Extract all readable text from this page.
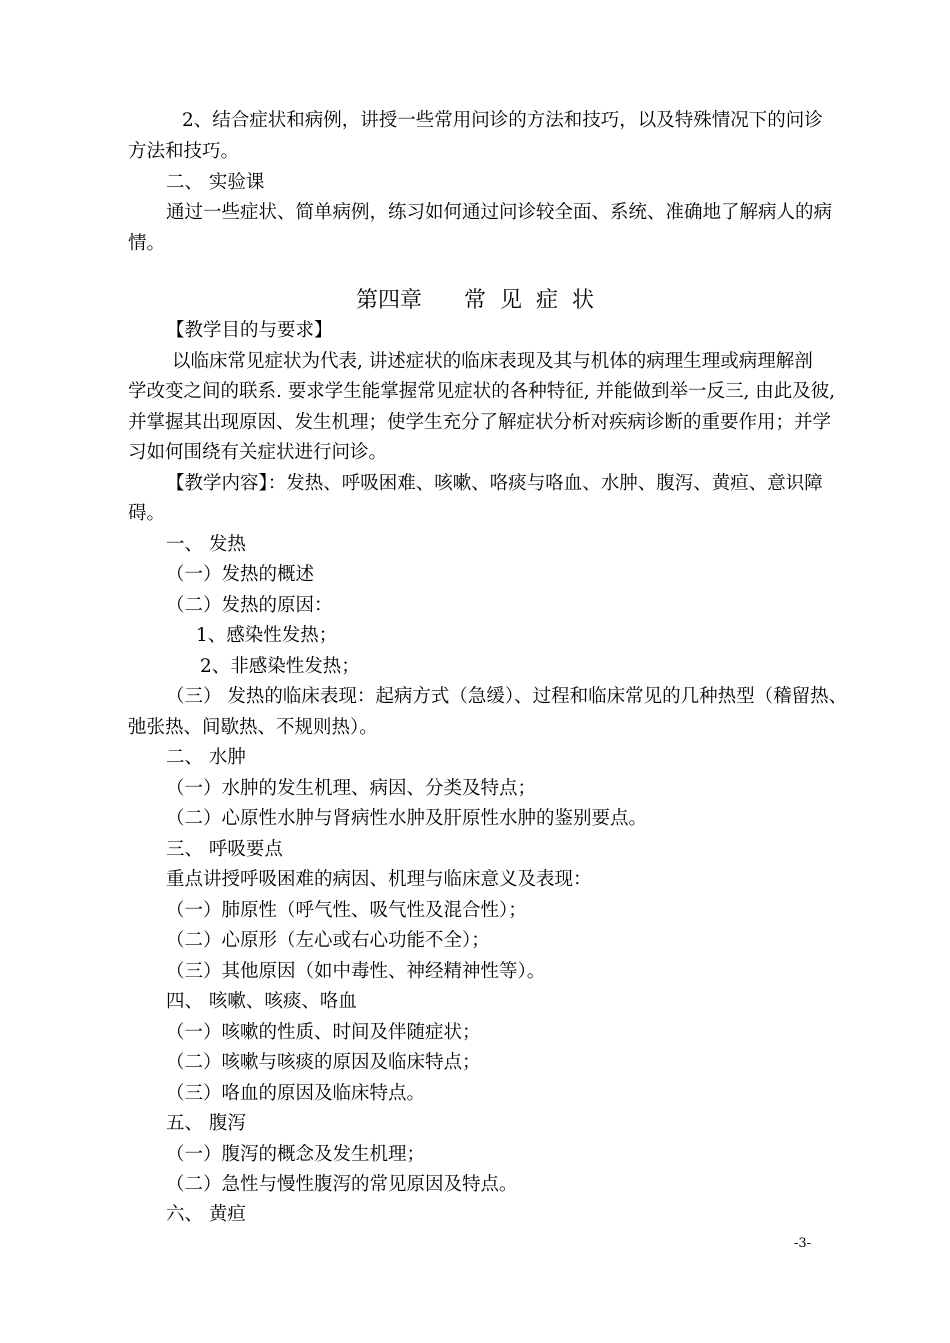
2、结合症状和病例，讲授一些常用问诊的方法和技巧，以及特殊情况下的问诊
方法和技巧。
二、 实验课
通过一些症状、简单病例，练习如何通过问诊较全面、系统、准确地了解病人的病
情。
第四章      常  见  症  状
【教学目的与要求】
以临床常见症状为代表, 讲述症状的临床表现及其与机体的病理生理或病理解剖
学改变之间的联系. 要求学生能掌握常见症状的各种特征, 并能做到举一反三, 由此及彼,
并掌握其出现原因、发生机理；使学生充分了解症状分析对疾病诊断的重要作用；并学
习如何围绕有关症状进行问诊。
【教学内容】：发热、呼吸困难、咳嗽、咯痰与咯血、水肿、腹泻、黄疸、意识障
碍。
一、 发热
（一）发热的概述
（二）发热的原因：
1、感染性发热；
2、非感染性发热；
（三） 发热的临床表现：起病方式（急缓）、过程和临床常见的几种热型（稽留热、
弛张热、间歇热、不规则热）。
二、 水肿
（一）水肿的发生机理、病因、分类及特点；
（二）心原性水肿与肾病性水肿及肝原性水肿的鉴别要点。
三、 呼吸要点
重点讲授呼吸困难的病因、机理与临床意义及表现：
（一）肺原性（呼气性、吸气性及混合性）；
（二）心原形（左心或右心功能不全）；
（三）其他原因（如中毒性、神经精神性等）。
四、 咳嗽、咳痰、咯血
（一）咳嗽的性质、时间及伴随症状；
（二）咳嗽与咳痰的原因及临床特点；
（三）咯血的原因及临床特点。
五、 腹泻
（一）腹泻的概念及发生机理；
（二）急性与慢性腹泻的常见原因及特点。
六、 黄疸
-3-
